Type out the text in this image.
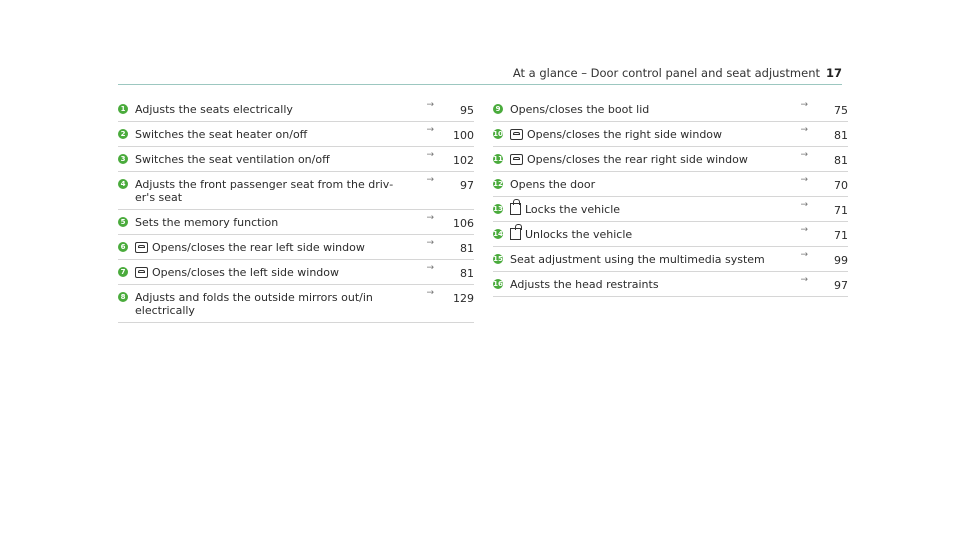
At a glance – Door control panel and seat adjustment 17
1 Adjusts the seats electrically	→ 95
2 Switches the seat heater on/off	→ 100
3 Switches the seat ventilation on/off	→ 102
4 Adjusts the front passenger seat from the driv‐ er's seat
→ 97
5 Sets the memory function	→ 106
6	Opens/closes the rear left side window	→ 81
7	Opens/closes the left side window	→ 81
8 Adjusts and folds the outside mirrors out/in electrically
→ 129
9 Opens/closes the boot lid	→ 75
10	Opens/closes the right side window	→ 81
11	Opens/closes the rear right side window	→ 81
12 Opens the door	→ 70
13	Locks the vehicle	→ 71
14	Unlocks the vehicle	→ 71
15 Seat adjustment using the multimedia system	→ 99
16 Adjusts the head restraints	→ 97
